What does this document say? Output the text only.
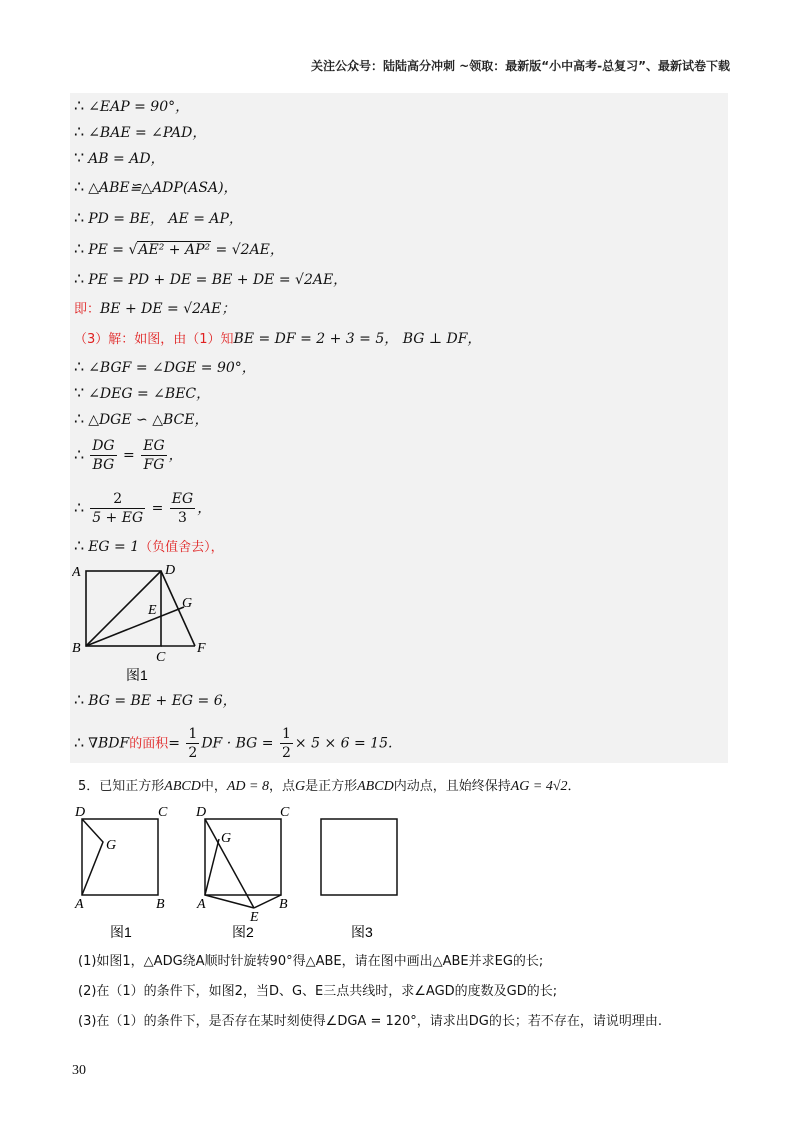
关注公众号：陆陆高分冲刺 ~领取：最新版“小中高考-总复习”、最新试卷下载
∴ ∠EAP = 90°，
∴ ∠BAE = ∠PAD，
∵ AB = AD，
∴ △ABE≌△ADP(ASA)，
∴ PD = BE， AE = AP，
∴ PE = √AE² + AP² = √2AE，
∴ PE = PD + DE = BE + DE = √2AE，
即：BE + DE = √2AE；
（3）解：如图，由（1）知BE = DF = 2 + 3 = 5， BG ⊥ DF，
∴ ∠BGF = ∠DGE = 90°，
∵ ∠DEG = ∠BEC，
∴ △DGE ∽ △BCE，
∴ $\frac{DG}{BG} = \frac{EG}{FG}$ ，
∴ $\frac{2}{5 + EG} = \frac{EG}{3}$ ，
∴ EG = 1（负值舍去），
A	D
B
C
F
E G
图1
∴ BG = BE + EG = 6，
∴ ∇BDF的面积= $\frac{1}{2}$ DF · BG = $\frac{1}{2} \times 5 \times 6 = 15$.
5．已知正方形ABCD中，AD = 8，点G是正方形ABCD内动点，且始终保持AG = 4√2．
D	C
G
A	B
图1
D	C
G
A	B
E
图2	图3
(1)如图1，△ADG绕A顺时针旋转90°得△ABE，请在图中画出△ABE并求EG的长;
(2)在（1）的条件下，如图2，当D、G、E三点共线时，求∠AGD的度数及GD的长;
(3)在（1）的条件下，是否存在某时刻使得∠DGA = 120°，请求出DG的长；若不存在，请说明理由.
30
